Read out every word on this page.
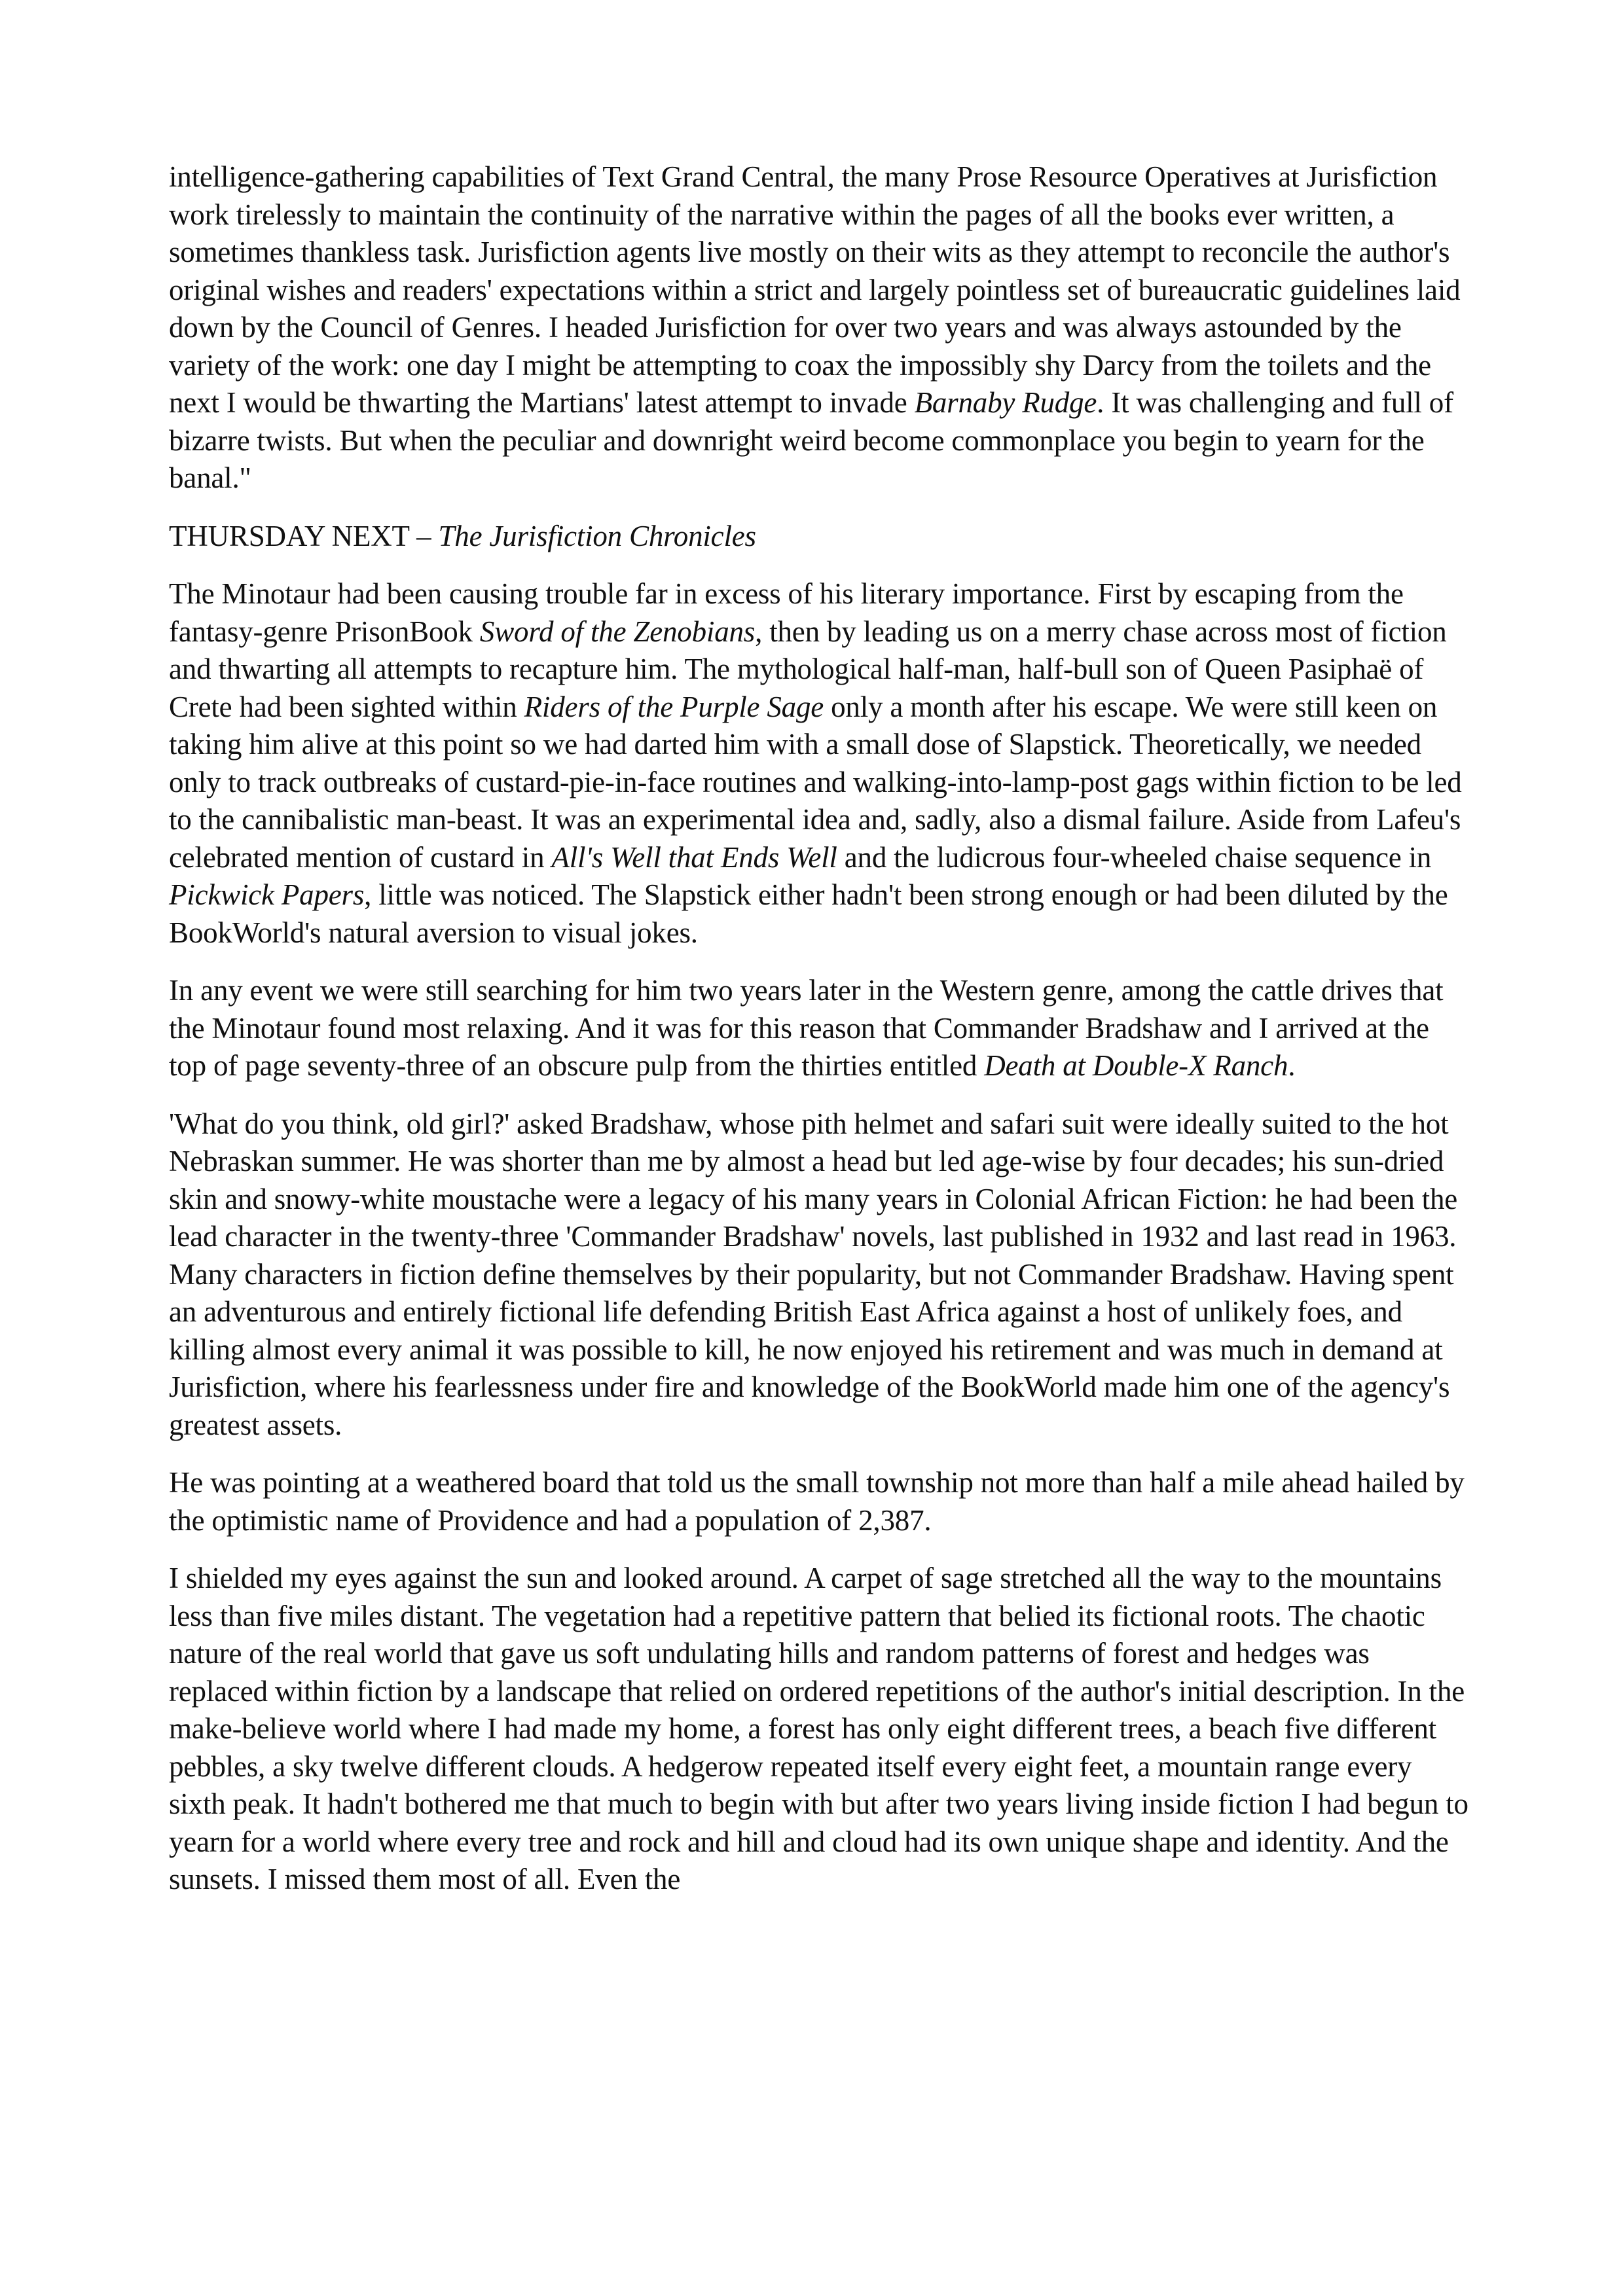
intelligence-gathering capabilities of Text Grand Central, the many Prose Resource Operatives at Jurisfiction work tirelessly to maintain the continuity of the narrative within the pages of all the books ever written, a sometimes thankless task. Jurisfiction agents live mostly on their wits as they attempt to reconcile the author's original wishes and readers' expectations within a strict and largely pointless set of bureaucratic guidelines laid down by the Council of Genres. I headed Jurisfiction for over two years and was always astounded by the variety of the work: one day I might be attempting to coax the impossibly shy Darcy from the toilets and the next I would be thwarting the Martians' latest attempt to invade Barnaby Rudge. It was challenging and full of bizarre twists. But when the peculiar and downright weird become commonplace you begin to yearn for the banal."

THURSDAY NEXT – The Jurisfiction Chronicles

The Minotaur had been causing trouble far in excess of his literary importance. First by escaping from the fantasy-genre PrisonBook Sword of the Zenobians, then by leading us on a merry chase across most of fiction and thwarting all attempts to recapture him. The mythological half-man, half-bull son of Queen Pasiphaë of Crete had been sighted within Riders of the Purple Sage only a month after his escape. We were still keen on taking him alive at this point so we had darted him with a small dose of Slapstick. Theoretically, we needed only to track outbreaks of custard-pie-in-face routines and walking-into-lamp-post gags within fiction to be led to the cannibalistic man-beast. It was an experimental idea and, sadly, also a dismal failure. Aside from Lafeu's celebrated mention of custard in All's Well that Ends Well and the ludicrous four-wheeled chaise sequence in Pickwick Papers, little was noticed. The Slapstick either hadn't been strong enough or had been diluted by the BookWorld's natural aversion to visual jokes.

In any event we were still searching for him two years later in the Western genre, among the cattle drives that the Minotaur found most relaxing. And it was for this reason that Commander Bradshaw and I arrived at the top of page seventy-three of an obscure pulp from the thirties entitled Death at Double-X Ranch.

'What do you think, old girl?' asked Bradshaw, whose pith helmet and safari suit were ideally suited to the hot Nebraskan summer. He was shorter than me by almost a head but led age-wise by four decades; his sun-dried skin and snowy-white moustache were a legacy of his many years in Colonial African Fiction: he had been the lead character in the twenty-three 'Commander Bradshaw' novels, last published in 1932 and last read in 1963. Many characters in fiction define themselves by their popularity, but not Commander Bradshaw. Having spent an adventurous and entirely fictional life defending British East Africa against a host of unlikely foes, and killing almost every animal it was possible to kill, he now enjoyed his retirement and was much in demand at Jurisfiction, where his fearlessness under fire and knowledge of the BookWorld made him one of the agency's greatest assets.

He was pointing at a weathered board that told us the small township not more than half a mile ahead hailed by the optimistic name of Providence and had a population of 2,387.

I shielded my eyes against the sun and looked around. A carpet of sage stretched all the way to the mountains less than five miles distant. The vegetation had a repetitive pattern that belied its fictional roots. The chaotic nature of the real world that gave us soft undulating hills and random patterns of forest and hedges was replaced within fiction by a landscape that relied on ordered repetitions of the author's initial description. In the make-believe world where I had made my home, a forest has only eight different trees, a beach five different pebbles, a sky twelve different clouds. A hedgerow repeated itself every eight feet, a mountain range every sixth peak. It hadn't bothered me that much to begin with but after two years living inside fiction I had begun to yearn for a world where every tree and rock and hill and cloud had its own unique shape and identity. And the sunsets. I missed them most of all. Even the
